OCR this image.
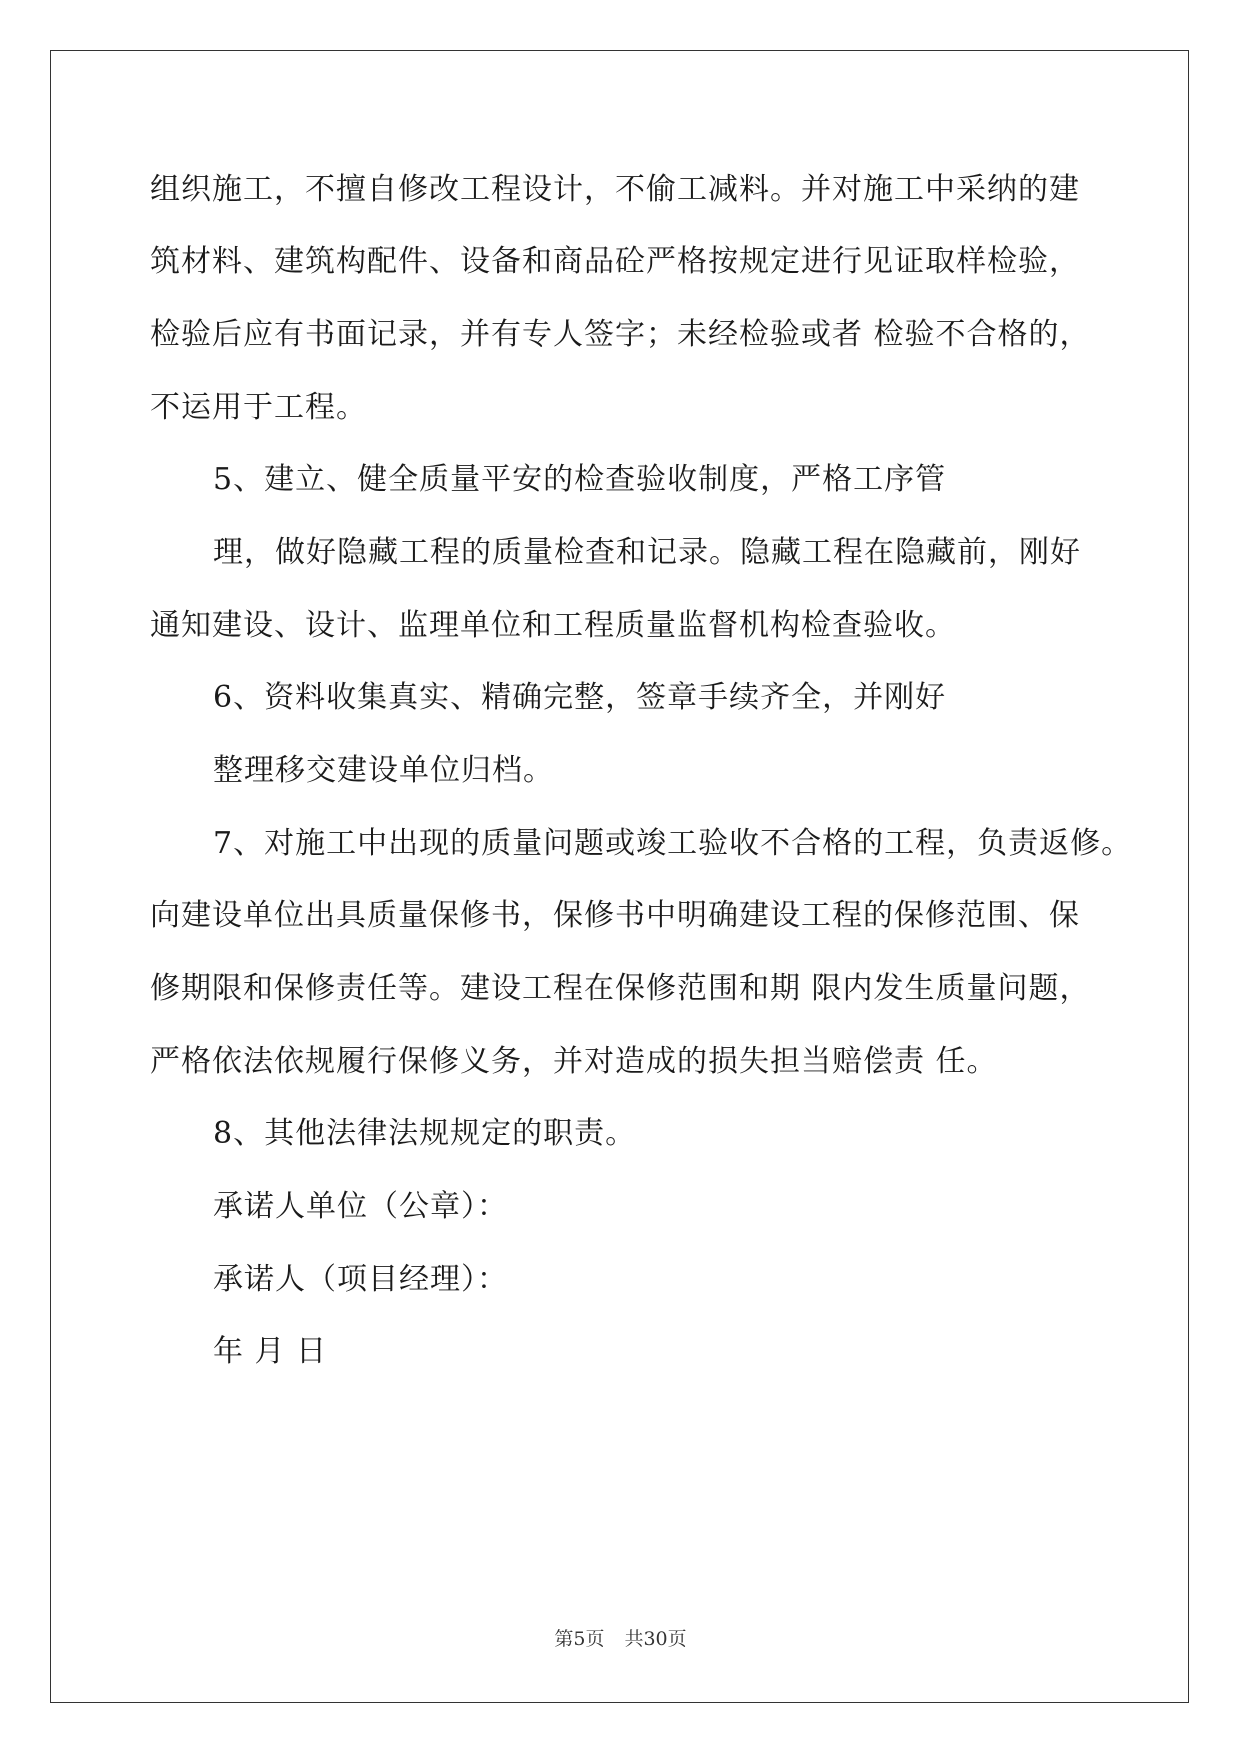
组织施工，不擅自修改工程设计，不偷工减料。并对施工中采纳的建
筑材料、建筑构配件、设备和商品砼严格按规定进行见证取样检验，
检验后应有书面记录，并有专人签字；未经检验或者 检验不合格的，
不运用于工程。
5、建立、健全质量平安的检查验收制度，严格工序管
理，做好隐藏工程的质量检查和记录。隐藏工程在隐藏前，刚好
通知建设、设计、监理单位和工程质量监督机构检查验收。
6、资料收集真实、精确完整，签章手续齐全，并刚好
整理移交建设单位归档。
7、对施工中出现的质量问题或竣工验收不合格的工程，负责返修。
向建设单位出具质量保修书，保修书中明确建设工程的保修范围、保
修期限和保修责任等。建设工程在保修范围和期 限内发生质量问题，
严格依法依规履行保修义务，并对造成的损失担当赔偿责 任。
8、其他法律法规规定的职责。
承诺人单位（公章）：
承诺人（项目经理）：
年 月 日
第5页 共30页
